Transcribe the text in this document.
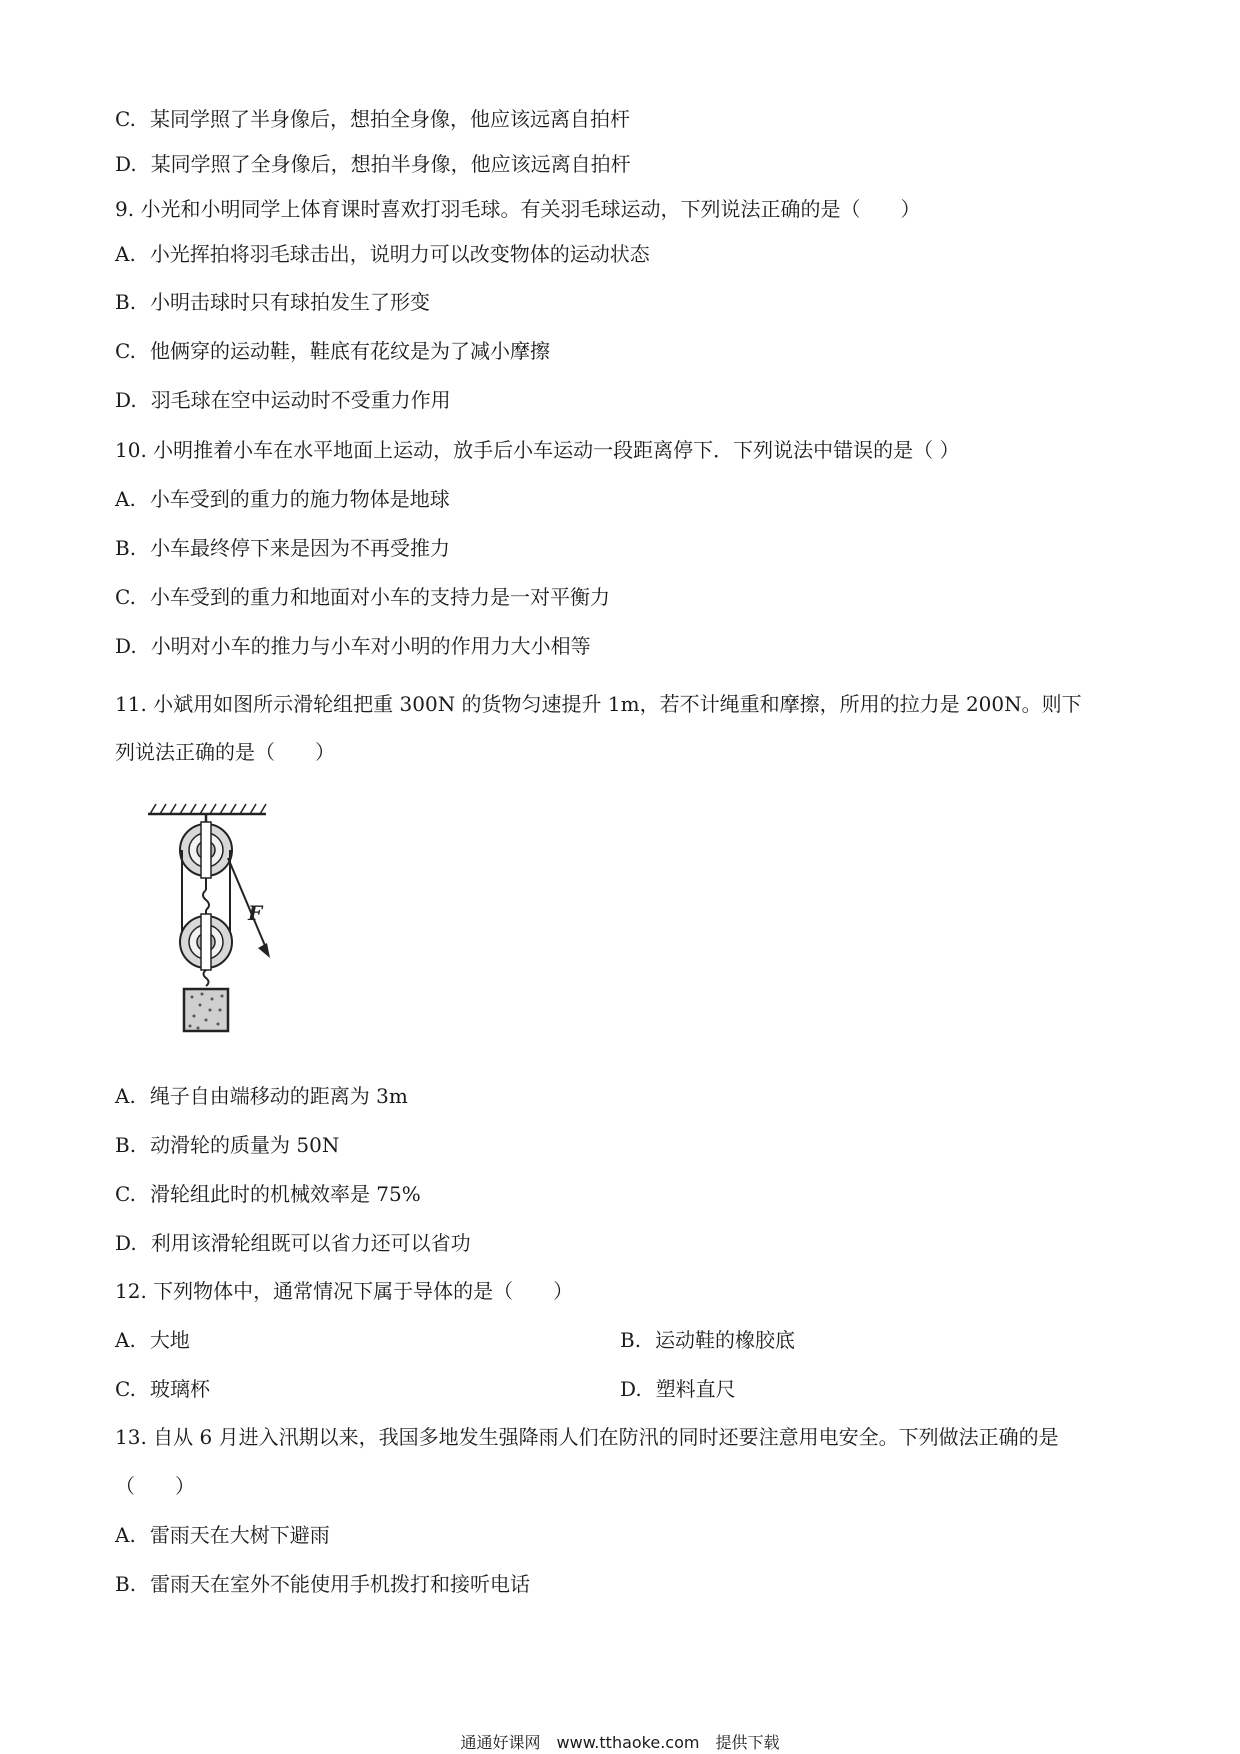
C. 某同学照了半身像后，想拍全身像，他应该远离自拍杆
D. 某同学照了全身像后，想拍半身像，他应该远离自拍杆
9. 小光和小明同学上体育课时喜欢打羽毛球。有关羽毛球运动，下列说法正确的是（　　）
A. 小光挥拍将羽毛球击出，说明力可以改变物体的运动状态
B. 小明击球时只有球拍发生了形变
C. 他俩穿的运动鞋，鞋底有花纹是为了减小摩擦
D. 羽毛球在空中运动时不受重力作用
10. 小明推着小车在水平地面上运动，放手后小车运动一段距离停下．下列说法中错误的是（ ）
A. 小车受到的重力的施力物体是地球
B. 小车最终停下来是因为不再受推力
C. 小车受到的重力和地面对小车的支持力是一对平衡力
D. 小明对小车的推力与小车对小明的作用力大小相等
11. 小斌用如图所示滑轮组把重 300N 的货物匀速提升 1m，若不计绳重和摩擦，所用的拉力是 200N。则下
列说法正确的是（　　）
F
A. 绳子自由端移动的距离为 3m
B. 动滑轮的质量为 50N
C. 滑轮组此时的机械效率是 75%
D. 利用该滑轮组既可以省力还可以省功
12. 下列物体中，通常情况下属于导体的是（　　）
A. 大地	B. 运动鞋的橡胶底
C. 玻璃杯	D. 塑料直尺
13. 自从 6 月进入汛期以来，我国多地发生强降雨人们在防汛的同时还要注意用电安全。下列做法正确的是
（　　）
A. 雷雨天在大树下避雨
B. 雷雨天在室外不能使用手机拨打和接听电话
通通好课网　www.tthaoke.com　提供下载
